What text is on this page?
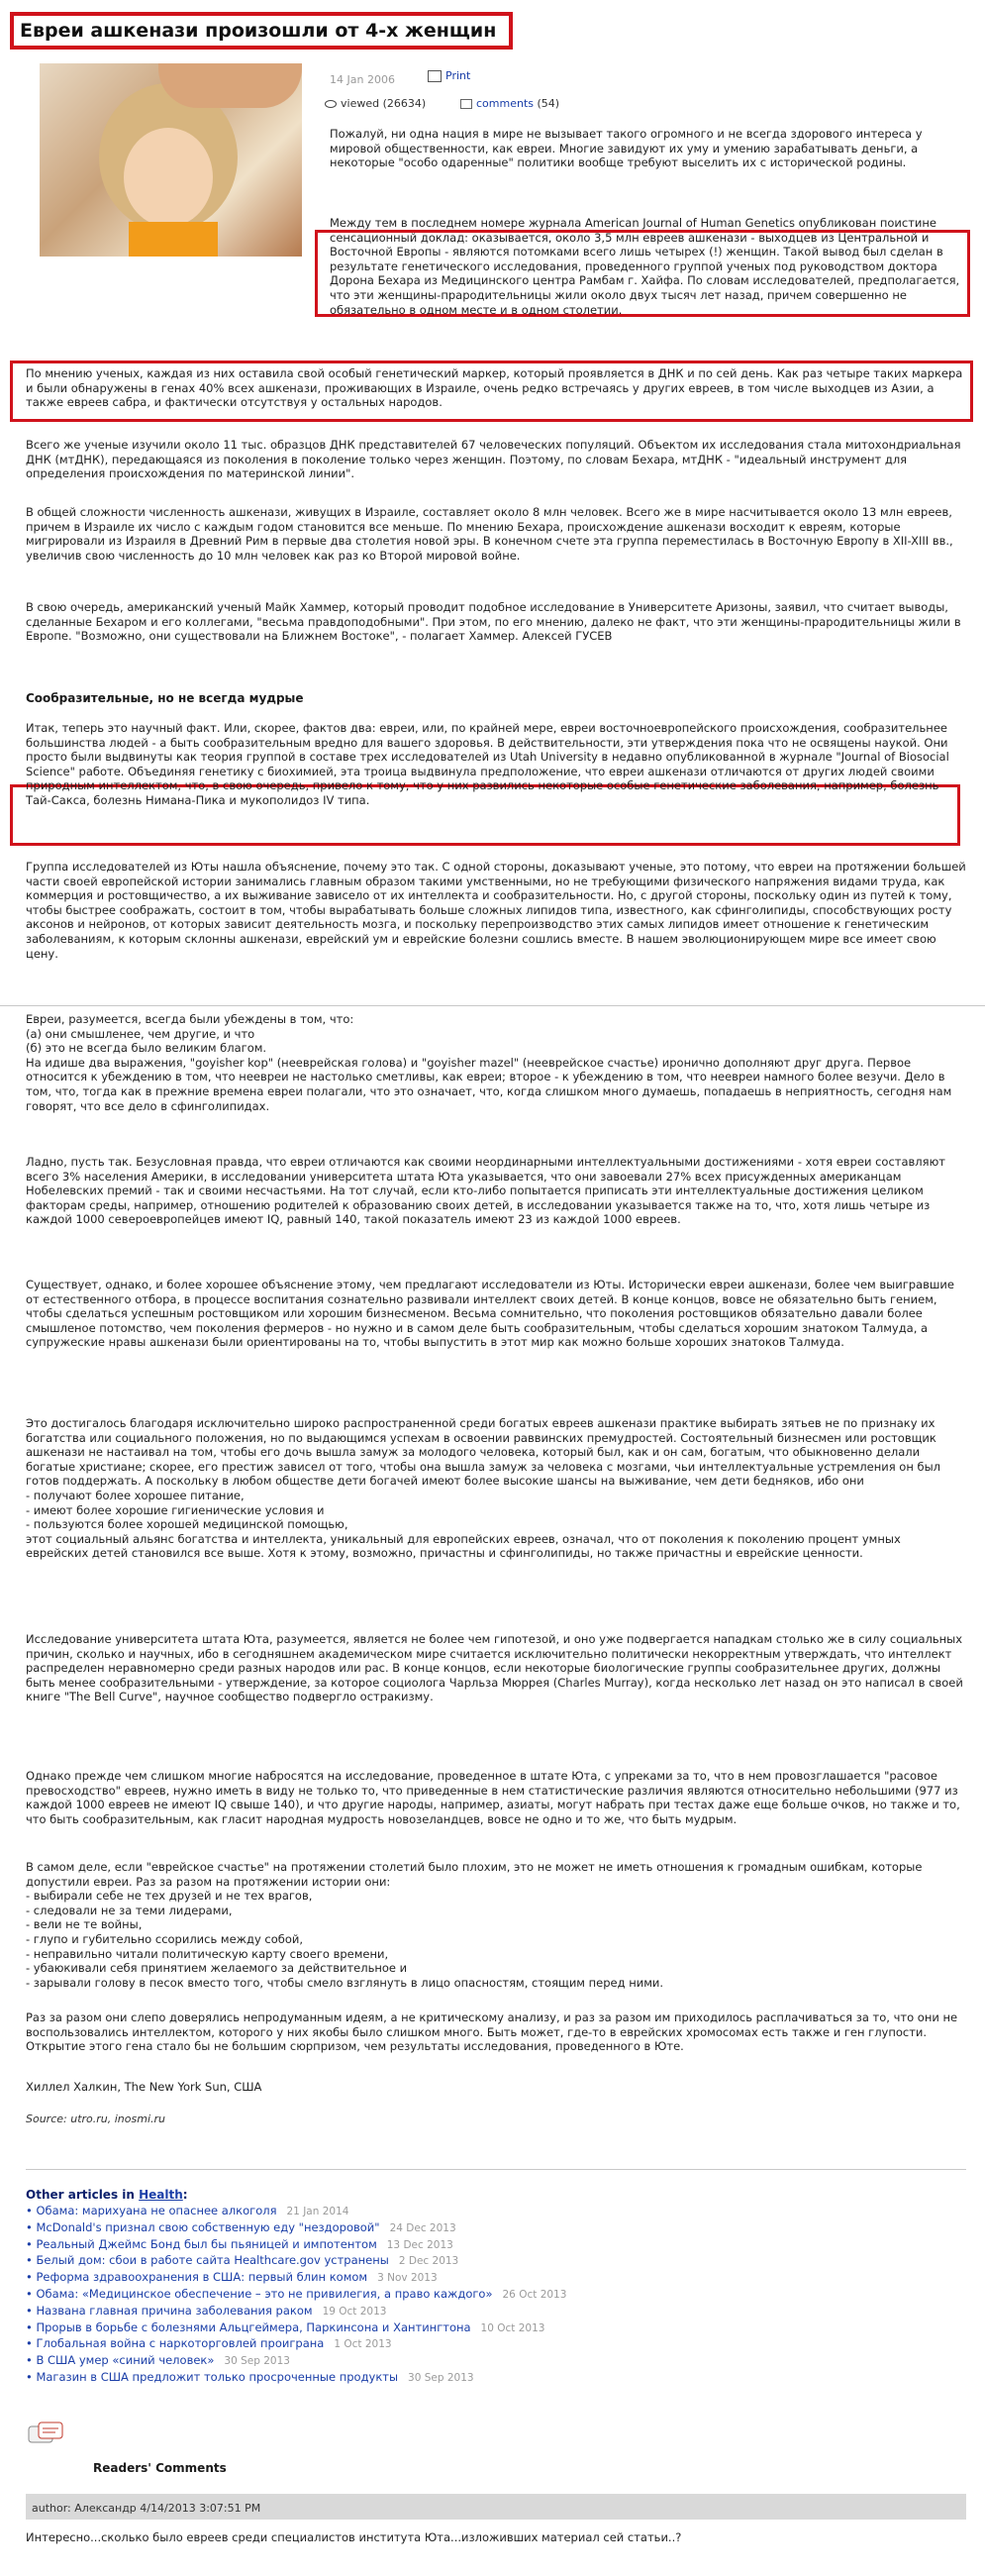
Евреи ашкенази произошли от 4-х женщин
14 Jan 2006	Print
viewed (26634)	comments (54)

Пожалуй, ни одна нация в мире не вызывает такого огромного и не всегда здорового интереса у мировой общественности, как евреи. Многие завидуют их уму и умению зарабатывать деньги, а некоторые "особо одаренные" политики вообще требуют выселить их с исторической родины.

Между тем в последнем номере журнала American Journal of Human Genetics опубликован поистине сенсационный доклад: оказывается, около 3,5 млн евреев ашкенази - выходцев из Центральной и Восточной Европы - являются потомками всего лишь четырех (!) женщин. Такой вывод был сделан в результате генетического исследования, проведенного группой ученых под руководством доктора Дорона Бехара из Медицинского центра Рамбам г. Хайфа. По словам исследователей, предполагается, что эти женщины-прародительницы жили около двух тысяч лет назад, причем совершенно не обязательно в одном месте и в одном столетии.

По мнению ученых, каждая из них оставила свой особый генетический маркер, который проявляется в ДНК и по сей день. Как раз четыре таких маркера и были обнаружены в генах 40% всех ашкенази, проживающих в Израиле, очень редко встречаясь у других евреев, в том числе выходцев из Азии, а также евреев сабра, и фактически отсутствуя у остальных народов.

Всего же ученые изучили около 11 тыс. образцов ДНК представителей 67 человеческих популяций. Объектом их исследования стала митохондриальная ДНК (мтДНК), передающаяся из поколения в поколение только через женщин. Поэтому, по словам Бехара, мтДНК - "идеальный инструмент для определения происхождения по материнской линии".

В общей сложности численность ашкенази, живущих в Израиле, составляет около 8 млн человек. Всего же в мире насчитывается около 13 млн евреев, причем в Израиле их число с каждым годом становится все меньше. По мнению Бехара, происхождение ашкенази восходит к евреям, которые мигрировали из Израиля в Древний Рим в первые два столетия новой эры. В конечном счете эта группа переместилась в Восточную Европу в XII-XIII вв., увеличив свою численность до 10 млн человек как раз ко Второй мировой войне.

В свою очередь, американский ученый Майк Хаммер, который проводит подобное исследование в Университете Аризоны, заявил, что считает выводы, сделанные Бехаром и его коллегами, "весьма правдоподобными". При этом, по его мнению, далеко не факт, что эти женщины-прародительницы жили в Европе. "Возможно, они существовали на Ближнем Востоке", - полагает Хаммер. Алексей ГУСЕВ

Сообразительные, но не всегда мудрые

Итак, теперь это научный факт. Или, скорее, фактов два: евреи, или, по крайней мере, евреи восточноевропейского происхождения, сообразительнее большинства людей - а быть сообразительным вредно для вашего здоровья. В действительности, эти утверждения пока что не освящены наукой. Они просто были выдвинуты как теория группой в составе трех исследователей из Utah University в недавно опубликованной в журнале "Journal of Biosocial Science" работе. Объединяя генетику с биохимией, эта троица выдвинула предположение, что евреи ашкенази отличаются от других людей своими природным интеллектом, что, в свою очередь, привело к тому, что у них развились некоторые особые генетические заболевания, например, болезнь Тай-Сакса, болезнь Нимана-Пика и мукополидоз IV типа.

Группа исследователей из Юты нашла объяснение, почему это так. С одной стороны, доказывают ученые, это потому, что евреи на протяжении большей части своей европейской истории занимались главным образом такими умственными, но не требующими физического напряжения видами труда, как коммерция и ростовщичество, а их выживание зависело от их интеллекта и сообразительности. Но, с другой стороны, поскольку один из путей к тому, чтобы быстрее соображать, состоит в том, чтобы вырабатывать больше сложных липидов типа, известного, как сфинголипиды, способствующих росту аксонов и нейронов, от которых зависит деятельность мозга, и поскольку перепроизводство этих самых липидов имеет отношение к генетическим заболеваниям, к которым склонны ашкенази, еврейский ум и еврейские болезни сошлись вместе. В нашем эволюционирующем мире все имеет свою цену.

Евреи, разумеется, всегда были убеждены в том, что:
(а) они смышленее, чем другие, и что
(б) это не всегда было великим благом.
На идише два выражения, "goyisher kop" (нееврейская голова) и "goyisher mazel" (нееврейское счастье) иронично дополняют друг друга. Первое относится к убеждению в том, что неевреи не настолько сметливы, как евреи; второе - к убеждению в том, что неевреи намного более везучи. Дело в том, что, тогда как в прежние времена евреи полагали, что это означает, что, когда слишком много думаешь, попадаешь в неприятность, сегодня нам говорят, что все дело в сфинголипидах.

Ладно, пусть так. Безусловная правда, что евреи отличаются как своими неординарными интеллектуальными достижениями - хотя евреи составляют всего 3% населения Америки, в исследовании университета штата Юта указывается, что они завоевали 27% всех присужденных американцам Нобелевских премий - так и своими несчастьями. На тот случай, если кто-либо попытается приписать эти интеллектуальные достижения целиком факторам среды, например, отношению родителей к образованию своих детей, в исследовании указывается также на то, что, хотя лишь четыре из каждой 1000 североевропейцев имеют IQ, равный 140, такой показатель имеют 23 из каждой 1000 евреев.

Существует, однако, и более хорошее объяснение этому, чем предлагают исследователи из Юты. Исторически евреи ашкенази, более чем выигравшие от естественного отбора, в процессе воспитания сознательно развивали интеллект своих детей. В конце концов, вовсе не обязательно быть гением, чтобы сделаться успешным ростовщиком или хорошим бизнесменом. Весьма сомнительно, что поколения ростовщиков обязательно давали более смышленое потомство, чем поколения фермеров - но нужно и в самом деле быть сообразительным, чтобы сделаться хорошим знатоком Талмуда, а супружеские нравы ашкенази были ориентированы на то, чтобы выпустить в этот мир как можно больше хороших знатоков Талмуда.

Это достигалось благодаря исключительно широко распространенной среди богатых евреев ашкенази практике выбирать зятьев не по признаку их богатства или социального положения, но по выдающимся успехам в освоении раввинских премудростей. Состоятельный бизнесмен или ростовщик ашкенази не настаивал на том, чтобы его дочь вышла замуж за молодого человека, который был, как и он сам, богатым, что обыкновенно делали богатые христиане; скорее, его престиж зависел от того, чтобы она вышла замуж за человека с мозгами, чьи интеллектуальные устремления он был готов поддержать. А поскольку в любом обществе дети богачей имеют более высокие шансы на выживание, чем дети бедняков, ибо они
- получают более хорошее питание,
- имеют более хорошие гигиенические условия и
- пользуются более хорошей медицинской помощью,
этот социальный альянс богатства и интеллекта, уникальный для европейских евреев, означал, что от поколения к поколению процент умных еврейских детей становился все выше. Хотя к этому, возможно, причастны и сфинголипиды, но также причастны и еврейские ценности.

Исследование университета штата Юта, разумеется, является не более чем гипотезой, и оно уже подвергается нападкам столько же в силу социальных причин, сколько и научных, ибо в сегодняшнем академическом мире считается исключительно политически некорректным утверждать, что интеллект распределен неравномерно среди разных народов или рас. В конце концов, если некоторые биологические группы сообразительнее других, должны быть менее сообразительными - утверждение, за которое социолога Чарльза Мюррея (Charles Murray), когда несколько лет назад он это написал в своей книге "The Bell Curve", научное сообщество подвергло остракизму.

Однако прежде чем слишком многие набросятся на исследование, проведенное в штате Юта, с упреками за то, что в нем провозглашается "расовое превосходство" евреев, нужно иметь в виду не только то, что приведенные в нем статистические различия являются относительно небольшими (977 из каждой 1000 евреев не имеют IQ свыше 140), и что другие народы, например, азиаты, могут набрать при тестах даже еще больше очков, но также и то, что быть сообразительным, как гласит народная мудрость новозеландцев, вовсе не одно и то же, что быть мудрым.

В самом деле, если "еврейское счастье" на протяжении столетий было плохим, это не может не иметь отношения к громадным ошибкам, которые допустили евреи. Раз за разом на протяжении истории они:
- выбирали себе не тех друзей и не тех врагов,
- следовали не за теми лидерами,
- вели не те войны,
- глупо и губительно ссорились между собой,
- неправильно читали политическую карту своего времени,
- убаюкивали себя принятием желаемого за действительное и
- зарывали голову в песок вместо того, чтобы смело взглянуть в лицо опасностям, стоящим перед ними.

Раз за разом они слепо доверялись непродуманным идеям, а не критическому анализу, и раз за разом им приходилось расплачиваться за то, что они не воспользовались интеллектом, которого у них якобы было слишком много. Быть может, где-то в еврейских хромосомах есть также и ген глупости. Открытие этого гена стало бы не большим сюрпризом, чем результаты исследования, проведенного в Юте.

Хиллел Халкин, The New York Sun, США

Source: utro.ru, inosmi.ru

Other articles in Health:

• Обама: марихуана не опаснее алкоголя 21 Jan 2014
• McDonald's признал свою собственную еду "нездоровой" 24 Dec 2013
• Реальный Джеймс Бонд был бы пьяницей и импотентом 13 Dec 2013
• Белый дом: сбои в работе сайта Healthcare.gov устранены 2 Dec 2013
• Реформа здравоохранения в США: первый блин комом 3 Nov 2013
• Обама: «Медицинское обеспечение – это не привилегия, а право каждого» 26 Oct 2013
• Названа главная причина заболевания раком 19 Oct 2013
• Прорыв в борьбе с болезнями Альцгеймера, Паркинсона и Хантингтона 10 Oct 2013
• Глобальная война с наркоторговлей проиграна 1 Oct 2013
• В США умер «синий человек» 30 Sep 2013
• Магазин в США предложит только просроченные продукты 30 Sep 2013

Readers' Comments

author: Александр 4/14/2013 3:07:51 PM

Интересно...сколько было евреев среди специалистов института Юта...изложивших материал сей статьи..?
